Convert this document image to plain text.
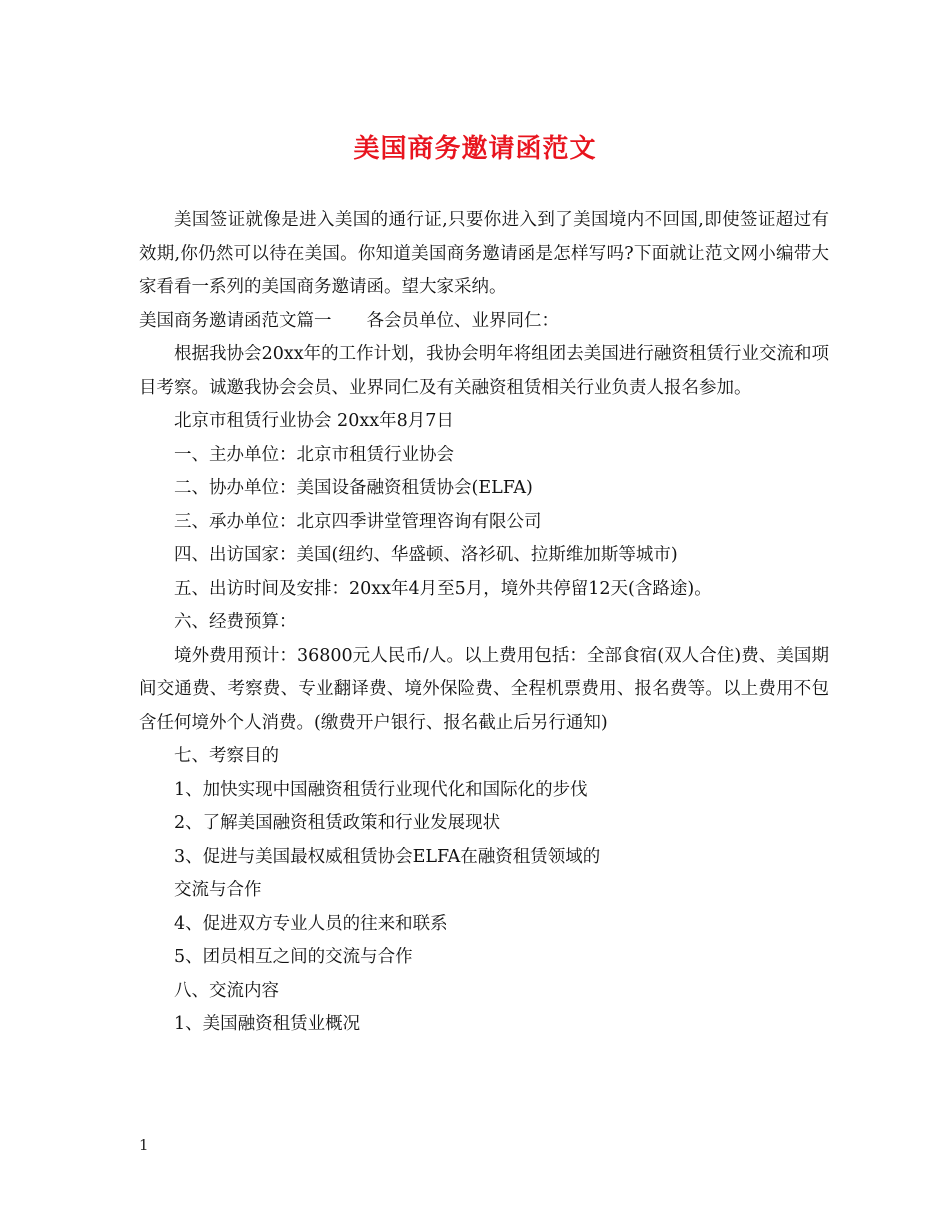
美国商务邀请函范文

美国签证就像是进入美国的通行证,只要你进入到了美国境内不回国,即使签证超过有效期,你仍然可以待在美国。你知道美国商务邀请函是怎样写吗?下面就让范文网小编带大家看看一系列的美国商务邀请函。望大家采纳。

美国商务邀请函范文篇一　　各会员单位、业界同仁：

根据我协会20xx年的工作计划，我协会明年将组团去美国进行融资租赁行业交流和项目考察。诚邀我协会会员、业界同仁及有关融资租赁相关行业负责人报名参加。

北京市租赁行业协会 20xx年8月7日

一、主办单位：北京市租赁行业协会

二、协办单位：美国设备融资租赁协会(ELFA)

三、承办单位：北京四季讲堂管理咨询有限公司

四、出访国家：美国(纽约、华盛顿、洛衫矶、拉斯维加斯等城市)

五、出访时间及安排：20xx年4月至5月，境外共停留12天(含路途)。

六、经费预算：

境外费用预计：36800元人民币/人。以上费用包括：全部食宿(双人合住)费、美国期间交通费、考察费、专业翻译费、境外保险费、全程机票费用、报名费等。以上费用不包含任何境外个人消费。(缴费开户银行、报名截止后另行通知)

七、考察目的

1、加快实现中国融资租赁行业现代化和国际化的步伐

2、了解美国融资租赁政策和行业发展现状

3、促进与美国最权威租赁协会ELFA在融资租赁领域的

交流与合作

4、促进双方专业人员的往来和联系

5、团员相互之间的交流与合作

八、交流内容

1、美国融资租赁业概况

1
